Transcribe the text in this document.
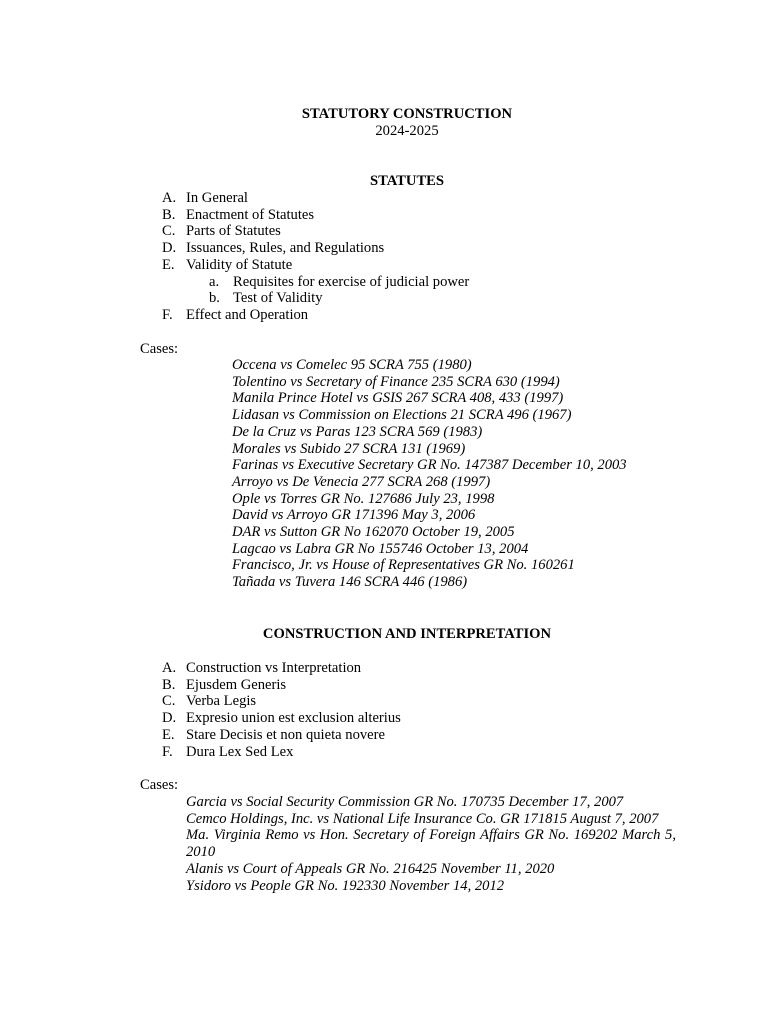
STATUTORY CONSTRUCTION
2024-2025
STATUTES
A. In General
B. Enactment of Statutes
C. Parts of Statutes
D. Issuances, Rules, and Regulations
E. Validity of Statute
a. Requisites for exercise of judicial power
b. Test of Validity
F. Effect and Operation
Cases:
Occena vs Comelec 95 SCRA 755 (1980)
Tolentino vs Secretary of Finance 235 SCRA 630 (1994)
Manila Prince Hotel vs GSIS 267 SCRA 408, 433 (1997)
Lidasan vs Commission on Elections 21 SCRA 496 (1967)
De la Cruz vs Paras 123 SCRA 569 (1983)
Morales vs Subido 27 SCRA 131 (1969)
Farinas vs Executive Secretary GR No. 147387 December 10, 2003
Arroyo vs De Venecia 277 SCRA 268 (1997)
Ople vs Torres GR No. 127686 July 23, 1998
David vs Arroyo GR 171396 May 3, 2006
DAR vs Sutton GR No 162070 October 19, 2005
Lagcao vs Labra GR No 155746 October 13, 2004
Francisco, Jr. vs House of Representatives GR No. 160261
Tañada vs Tuvera 146 SCRA 446 (1986)
CONSTRUCTION AND INTERPRETATION
A. Construction vs Interpretation
B. Ejusdem Generis
C. Verba Legis
D. Expresio union est exclusion alterius
E. Stare Decisis et non quieta novere
F. Dura Lex Sed Lex
Cases:
Garcia vs Social Security Commission GR No. 170735 December 17, 2007
Cemco Holdings, Inc. vs National Life Insurance Co. GR 171815 August 7, 2007
Ma. Virginia Remo vs Hon. Secretary of Foreign Affairs GR No. 169202 March 5, 2010
Alanis vs Court of Appeals GR No. 216425 November 11, 2020
Ysidoro vs People GR No. 192330 November 14, 2012
